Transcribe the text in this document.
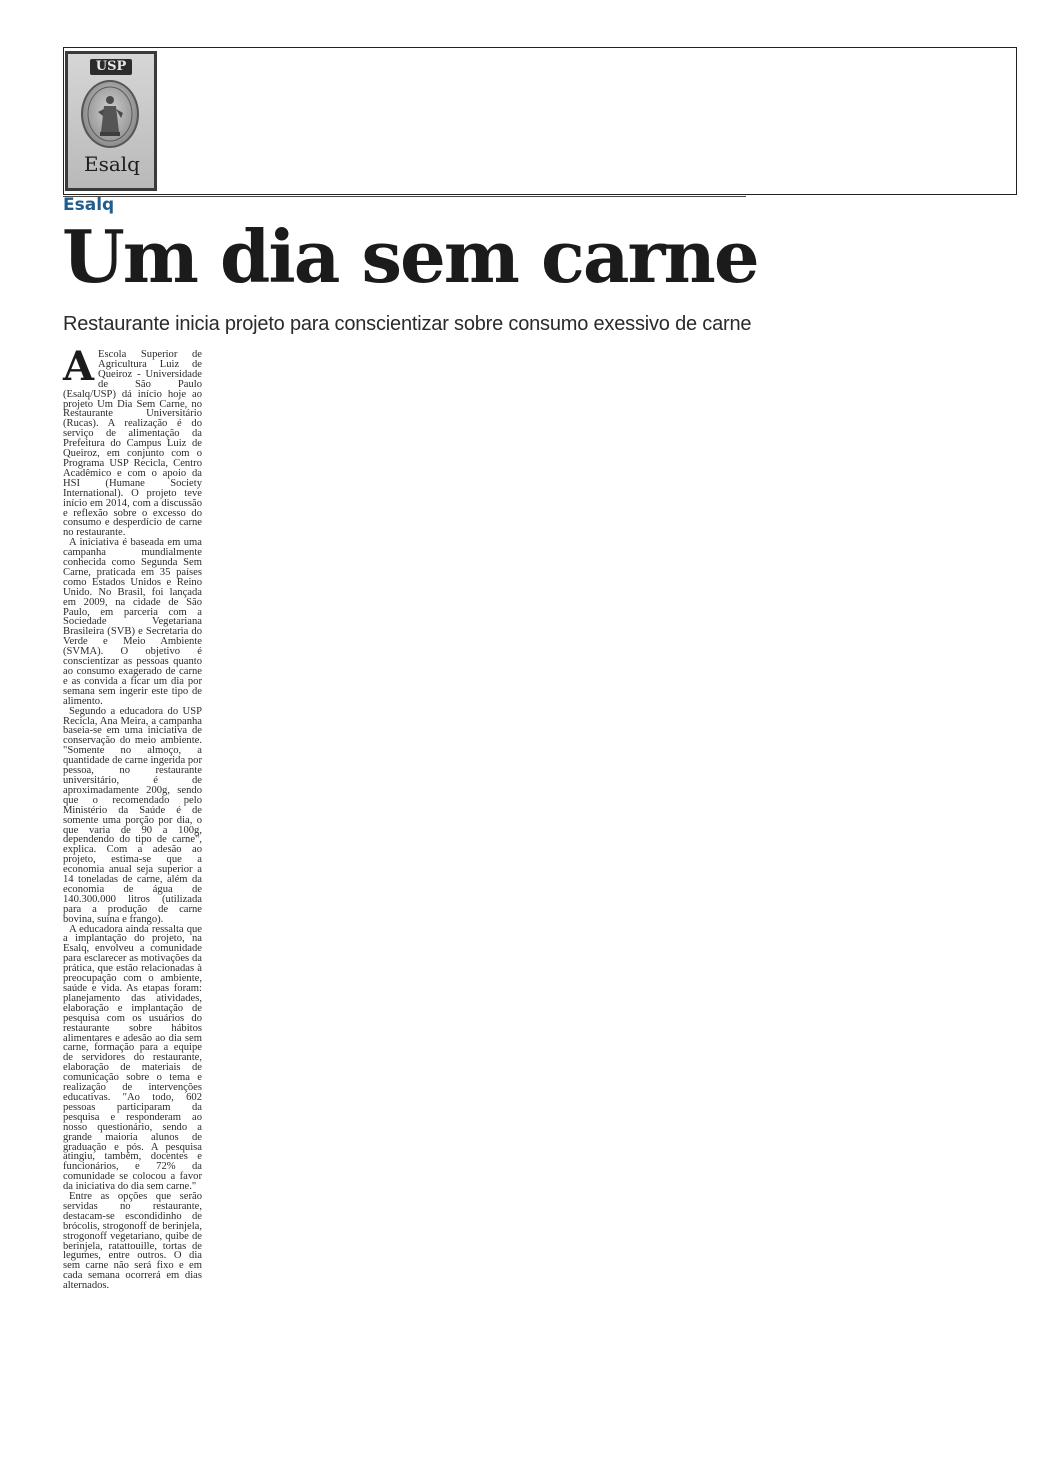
USP
Esalq
Esalq
Um dia sem carne
Restaurante inicia projeto para conscientizar sobre consumo exessivo de carne

A Escola Superior de Agricultura Luiz de Queiroz - Universidade de São Paulo (Esalq/USP) dá início hoje ao projeto Um Dia Sem Carne, no Restaurante Universitário (Rucas). A realização é do serviço de alimentação da Prefeitura do Campus Luiz de Queiroz, em conjunto com o Programa USP Recicla, Centro Acadêmico e com o apoio da HSI (Humane Society International). O projeto teve início em 2014, com a discussão e reflexão sobre o excesso do consumo e desperdício de carne no restaurante.

A iniciativa é baseada em uma campanha mundialmente conhecida como Segunda Sem Carne, praticada em 35 países como Estados Unidos e Reino Unido. No Brasil, foi lançada em 2009, na cidade de São Paulo, em parceria com a Sociedade Vegetariana Brasileira (SVB) e Secretaria do Verde e Meio Ambiente (SVMA). O objetivo é conscientizar as pessoas quanto ao consumo exagerado de carne e as convida a ficar um dia por semana sem ingerir este tipo de alimento.

Segundo a educadora do USP Recicla, Ana Meira, a campanha baseia-se em uma iniciativa de conservação do meio ambiente. "Somente no almoço, a quantidade de carne ingerida por pessoa, no restaurante universitário, é de aproximadamente 200g, sendo que o recomendado pelo Ministério da Saúde é de somente uma porção por dia, o que varia de 90 a 100g, dependendo do tipo de carne", explica. Com a adesão ao projeto, estima-se que a economia anual seja superior a 14 toneladas de carne, além da economia de água de 140.300.000 litros (utilizada para a produção de carne bovina, suína e frango).

A educadora ainda ressalta que a implantação do projeto, na Esalq, envolveu a comunidade para esclarecer as motivações da prática, que estão relacionadas à preocupação com o ambiente, saúde e vida. As etapas foram: planejamento das atividades, elaboração e implantação de pesquisa com os usuários do restaurante sobre hábitos alimentares e adesão ao dia sem carne, formação para a equipe de servidores do restaurante, elaboração de materiais de comunicação sobre o tema e realização de intervenções educativas. "Ao todo, 602 pessoas participaram da pesquisa e responderam ao nosso questionário, sendo a grande maioria alunos de graduação e pós. A pesquisa atingiu, também, docentes e funcionários, e 72% da comunidade se colocou a favor da iniciativa do dia sem carne."

Entre as opções que serão servidas no restaurante, destacam-se escondidinho de brócolis, strogonoff de berinjela, strogonoff vegetariano, quibe de berinjela, ratattouille, tortas de legumes, entre outros. O dia sem carne não será fixo e em cada semana ocorrerá em dias alternados.
